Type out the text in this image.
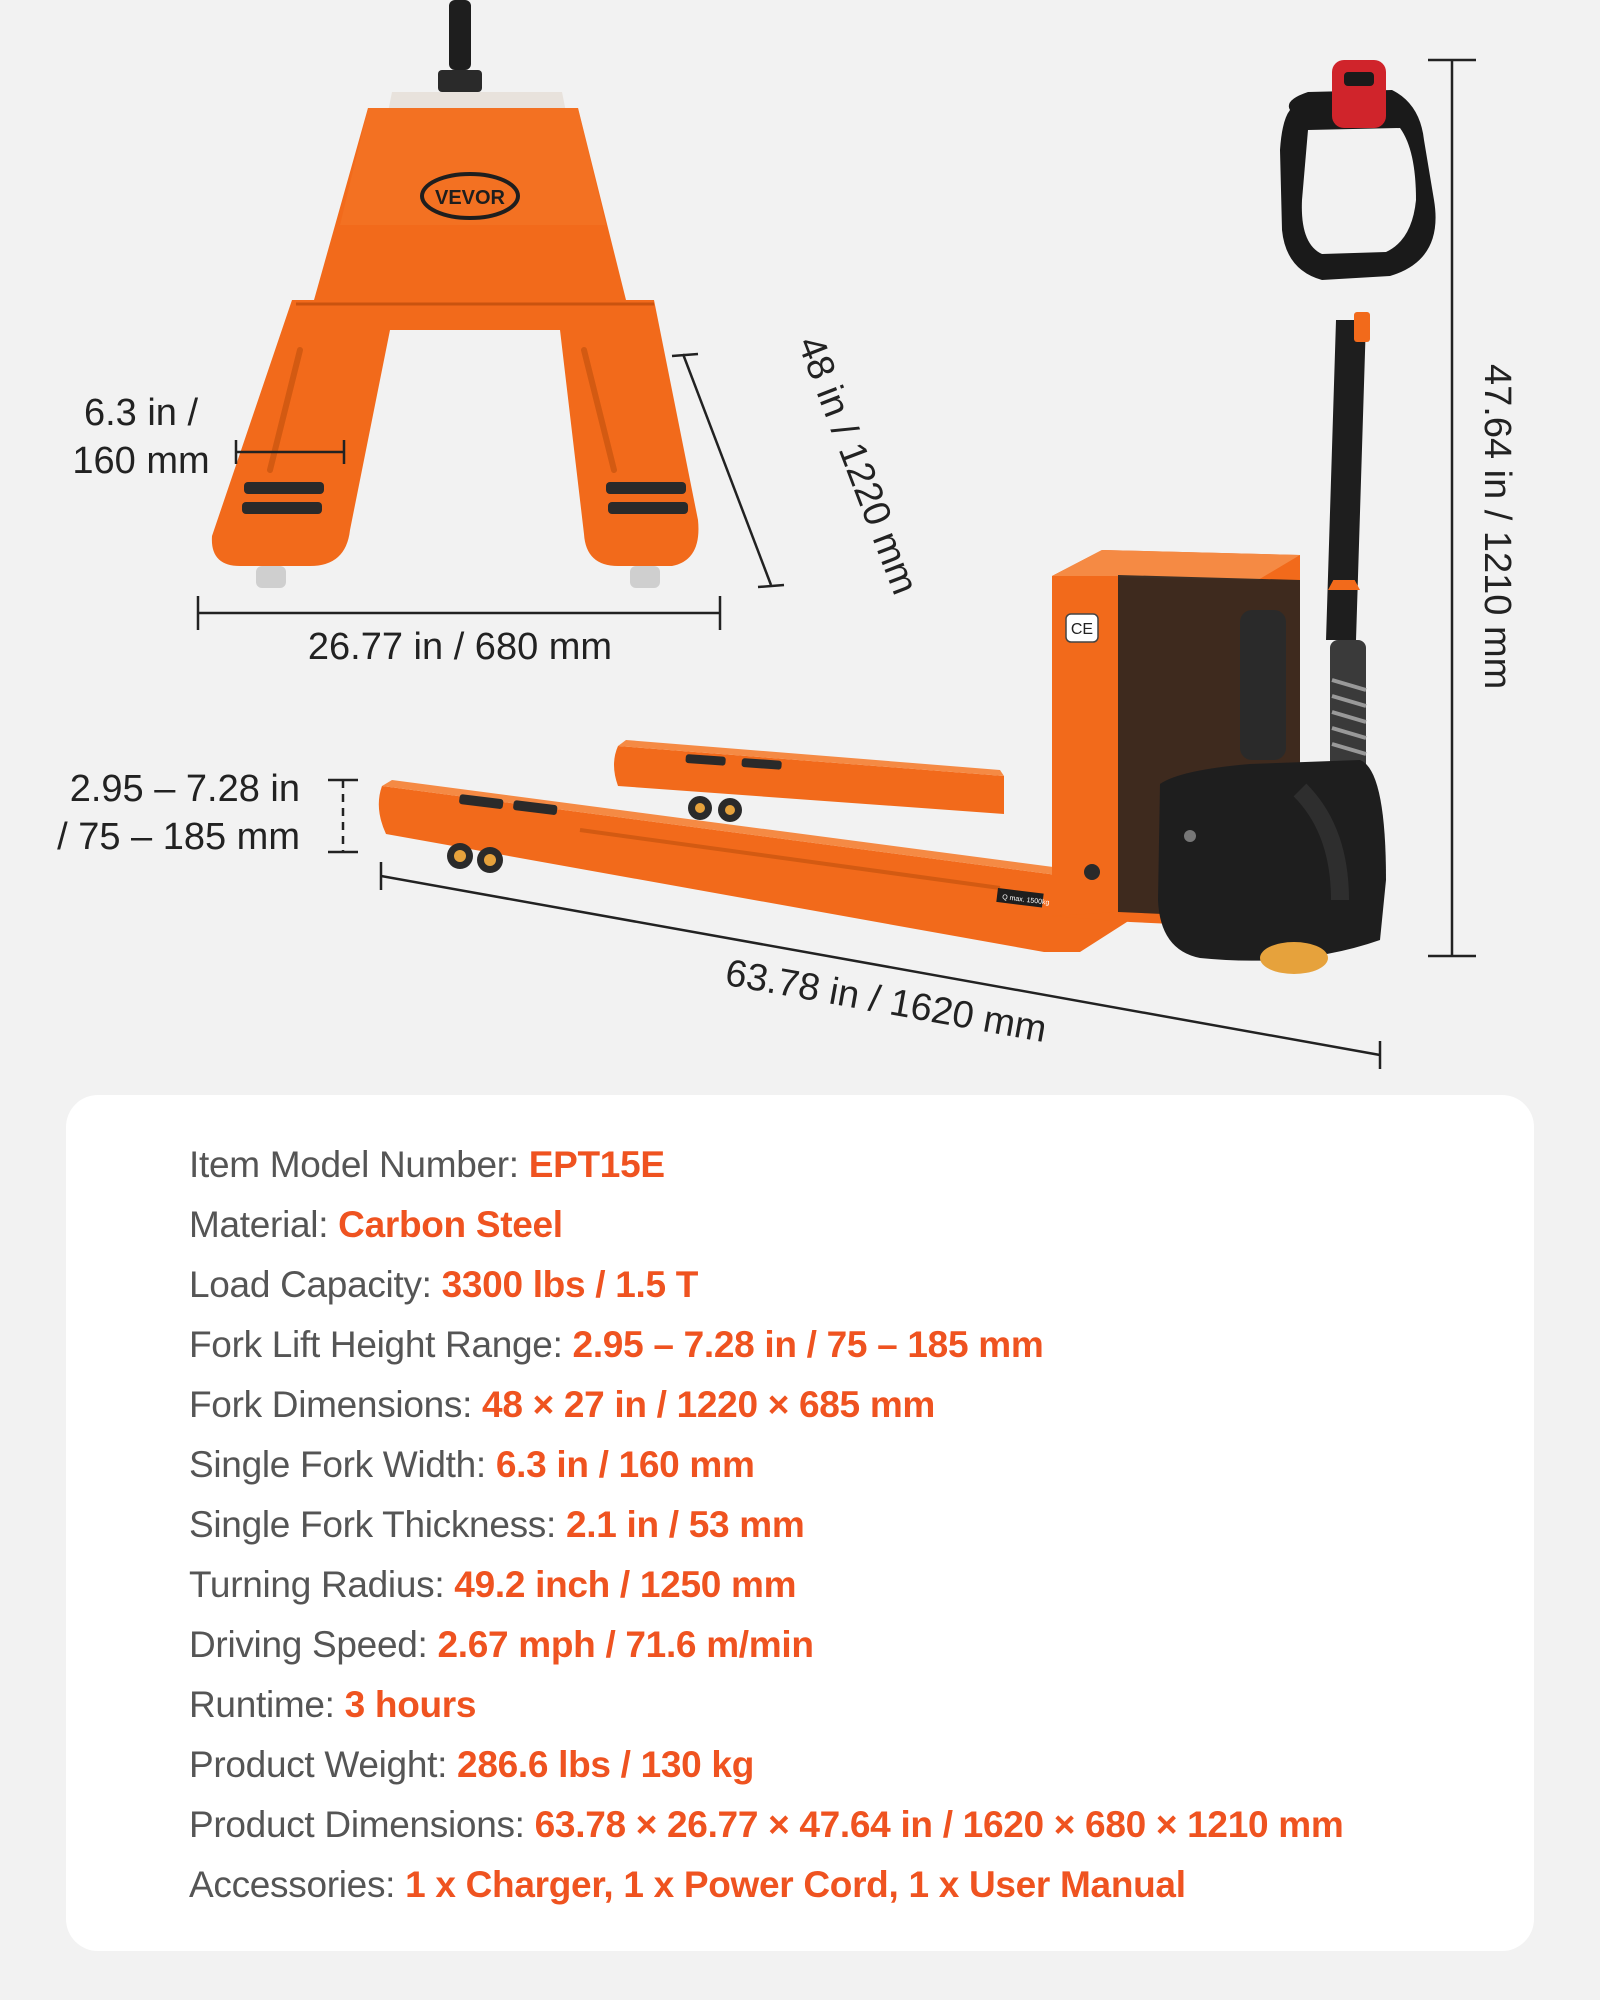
VEVOR
Q max. 1500kg
CE
6.3 in /
160 mm
26.77 in / 680 mm
48 in / 1220 mm
2.95 – 7.28 in
/ 75 – 185 mm
63.78 in / 1620 mm
47.64 in / 1210 mm
Item Model Number: EPT15E
Material: Carbon Steel
Load Capacity: 3300 lbs / 1.5 T
Fork Lift Height Range: 2.95 – 7.28 in / 75 – 185 mm
Fork Dimensions: 48 × 27 in / 1220 × 685 mm
Single Fork Width: 6.3 in / 160 mm
Single Fork Thickness: 2.1 in / 53 mm
Turning Radius: 49.2 inch / 1250 mm
Driving Speed: 2.67 mph / 71.6 m/min
Runtime: 3 hours
Product Weight: 286.6 lbs / 130 kg
Product Dimensions: 63.78 × 26.77 × 47.64 in / 1620 × 680 × 1210 mm
Accessories: 1 x Charger, 1 x Power Cord, 1 x User Manual
